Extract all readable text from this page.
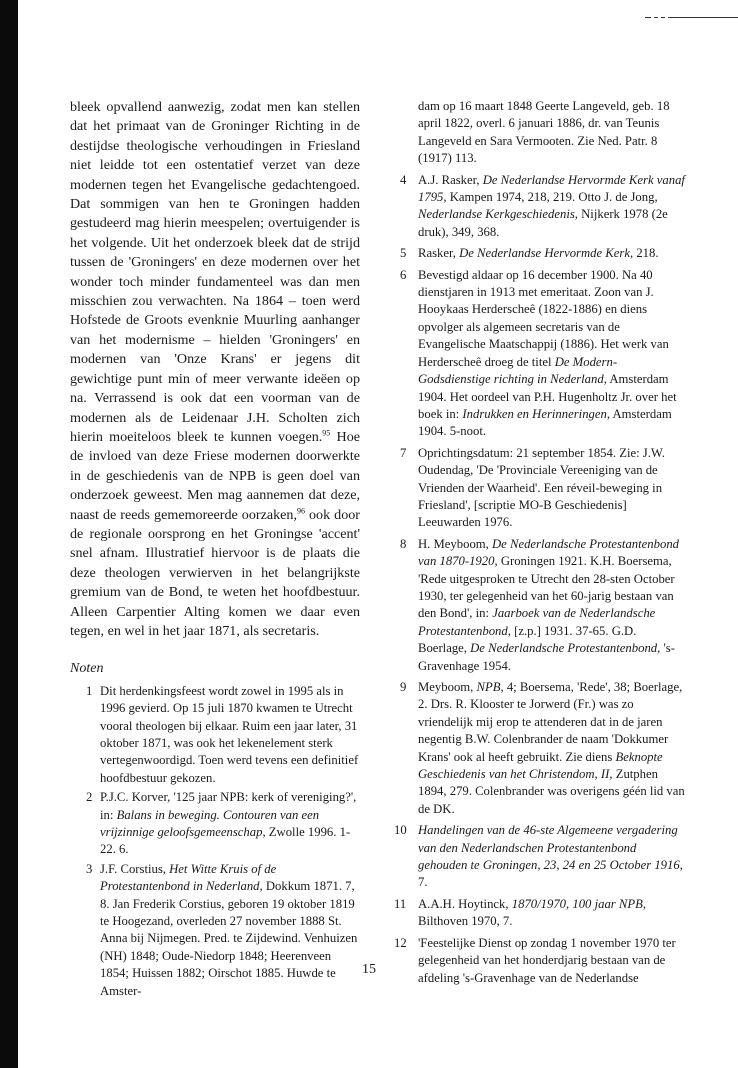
bleek opvallend aanwezig, zodat men kan stellen dat het primaat van de Groninger Richting in de destijdse theologische verhoudingen in Friesland niet leidde tot een ostentatief verzet van deze modernen tegen het Evangelische gedachtengoed. Dat sommigen van hen te Groningen hadden gestudeerd mag hierin meespelen; overtuigender is het volgende. Uit het onderzoek bleek dat de strijd tussen de 'Groningers' en deze modernen over het wonder toch minder fundamenteel was dan men misschien zou verwachten. Na 1864 – toen werd Hofstede de Groots evenknie Muurling aanhanger van het modernisme – hielden 'Groningers' en modernen van 'Onze Krans' er jegens dit gewichtige punt min of meer verwante ideëen op na. Verrassend is ook dat een voorman van de modernen als de Leidenaar J.H. Scholten zich hierin moeiteloos bleek te kunnen voegen.$^{95}$ Hoe de invloed van deze Friese modernen doorwerkte in de geschiedenis van de NPB is geen doel van onderzoek geweest. Men mag aannemen dat deze, naast de reeds gememoreerde oorzaken,$^{96}$ ook door de regionale oorsprong en het Groningse 'accent' snel afnam. Illustratief hiervoor is de plaats die deze theologen verwierven in het belangrijkste gremium van de Bond, te weten het hoofdbestuur. Alleen Carpentier Alting komen we daar even tegen, en wel in het jaar 1871, als secretaris.

Noten
1 Dit herdenkingsfeest wordt zowel in 1995 als in 1996 gevierd. Op 15 juli 1870 kwamen te Utrecht vooral theologen bij elkaar. Ruim een jaar later, 31 oktober 1871, was ook het lekenelement sterk vertegenwoordigd. Toen werd tevens een definitief hoofdbestuur gekozen.
2 P.J.C. Korver, '125 jaar NPB: kerk of vereniging?', in: Balans in beweging. Contouren van een vrijzinnige geloofsgemeenschap, Zwolle 1996. 1-22. 6.
3 J.F. Corstius, Het Witte Kruis of de Protestantenbond in Nederland, Dokkum 1871. 7, 8. Jan Frederik Corstius, geboren 19 oktober 1819 te Hoogezand, overleden 27 november 1888 St. Anna bij Nijmegen. Pred. te Zijdewind. Venhuizen (NH) 1848; Oude-Niedorp 1848; Heerenveen 1854; Huissen 1882; Oirschot 1885. Huwde te Amster-
dam op 16 maart 1848 Geerte Langeveld, geb. 18 april 1822, overl. 6 januari 1886, dr. van Teunis Langeveld en Sara Vermooten. Zie Ned. Patr. 8 (1917) 113.
4 A.J. Rasker, De Nederlandse Hervormde Kerk vanaf 1795, Kampen 1974, 218, 219. Otto J. de Jong, Nederlandse Kerkgeschiedenis, Nijkerk 1978 (2e druk), 349, 368.
5 Rasker, De Nederlandse Hervormde Kerk, 218.
6 Bevestigd aldaar op 16 december 1900. Na 40 dienstjaren in 1913 met emeritaat. Zoon van J. Hooykaas Herderscheê (1822-1886) en diens opvolger als algemeen secretaris van de Evangelische Maatschappij (1886). Het werk van Herderscheê droeg de titel De Modern-Godsdienstige richting in Nederland, Amsterdam 1904. Het oordeel van P.H. Hugenholtz Jr. over het boek in: Indrukken en Herinneringen, Amsterdam 1904. 5-noot.
7 Oprichtingsdatum: 21 september 1854. Zie: J.W. Oudendag, 'De 'Provinciale Vereeniging van de Vrienden der Waarheid'. Een réveil-beweging in Friesland', [scriptie MO-B Geschiedenis] Leeuwarden 1976.
8 H. Meyboom, De Nederlandsche Protestantenbond van 1870-1920, Groningen 1921. K.H. Boersema, 'Rede uitgesproken te Utrecht den 28-sten October 1930, ter gelegenheid van het 60-jarig bestaan van den Bond', in: Jaarboek van de Nederlandsche Protestantenbond, [z.p.] 1931. 37-65. G.D. Boerlage, De Nederlandsche Protestantenbond, 's-Gravenhage 1954.
9 Meyboom, NPB, 4; Boersema, 'Rede', 38; Boerlage, 2. Drs. R. Klooster te Jorwerd (Fr.) was zo vriendelijk mij erop te attenderen dat in de jaren negentig B.W. Colenbrander de naam 'Dokkumer Krans' ook al heeft gebruikt. Zie diens Beknopte Geschiedenis van het Christendom, II, Zutphen 1894, 279. Colenbrander was overigens géén lid van de DK.
10 Handelingen van de 46-ste Algemeene vergadering van den Nederlandschen Protestantenbond gehouden te Groningen, 23, 24 en 25 October 1916, 7.
11 A.A.H. Hoytinck, 1870/1970, 100 jaar NPB, Bilthoven 1970, 7.
12 'Feestelijke Dienst op zondag 1 november 1970 ter gelegenheid van het honderdjarig bestaan van de afdeling 's-Gravenhage van de Nederlandse
15
